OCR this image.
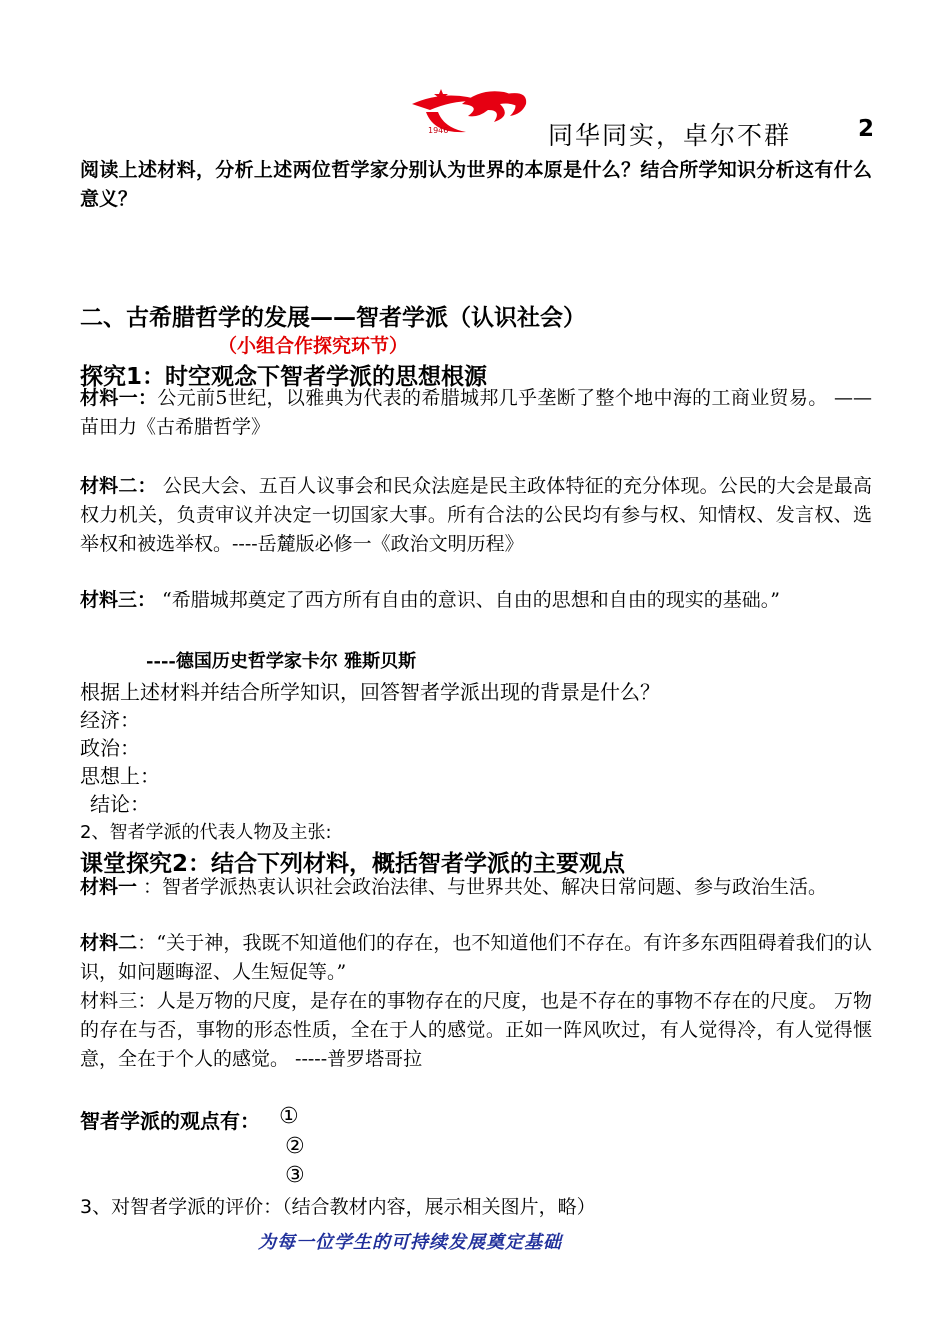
1946	同华同实，卓尔不群	2
阅读上述材料，分析上述两位哲学家分别认为世界的本原是什么？结合所学知识分析这有什么意义？
二、古希腊哲学的发展——智者学派（认识社会）
（小组合作探究环节）
探究1：时空观念下智者学派的思想根源
材料一：公元前5世纪，以雅典为代表的希腊城邦几乎垄断了整个地中海的工商业贸易。 ——苗田力《古希腊哲学》
材料二： 公民大会、五百人议事会和民众法庭是民主政体特征的充分体现。公民的大会是最高权力机关，负责审议并决定一切国家大事。所有合法的公民均有参与权、知情权、发言权、选举权和被选举权。----岳麓版必修一《政治文明历程》
材料三： “希腊城邦奠定了西方所有自由的意识、自由的思想和自由的现实的基础。”
----德国历史哲学家卡尔 雅斯贝斯
根据上述材料并结合所学知识，回答智者学派出现的背景是什么？
经济：
政治：
思想上：
结论：
2、智者学派的代表人物及主张:
课堂探究2：结合下列材料，概括智者学派的主要观点
材料一 ：智者学派热衷认识社会政治法律、与世界共处、解决日常问题、参与政治生活。
材料二：“关于神，我既不知道他们的存在，也不知道他们不存在。有许多东西阻碍着我们的认识，如问题晦涩、人生短促等。”
材料三：人是万物的尺度，是存在的事物存在的尺度，也是不存在的事物不存在的尺度。 万物的存在与否，事物的形态性质，全在于人的感觉。正如一阵风吹过，有人觉得冷，有人觉得惬意，全在于个人的感觉。 -----普罗塔哥拉
智者学派的观点有： ①
②
③
3、对智者学派的评价：（结合教材内容，展示相关图片，略）
为每一位学生的可持续发展奠定基础
